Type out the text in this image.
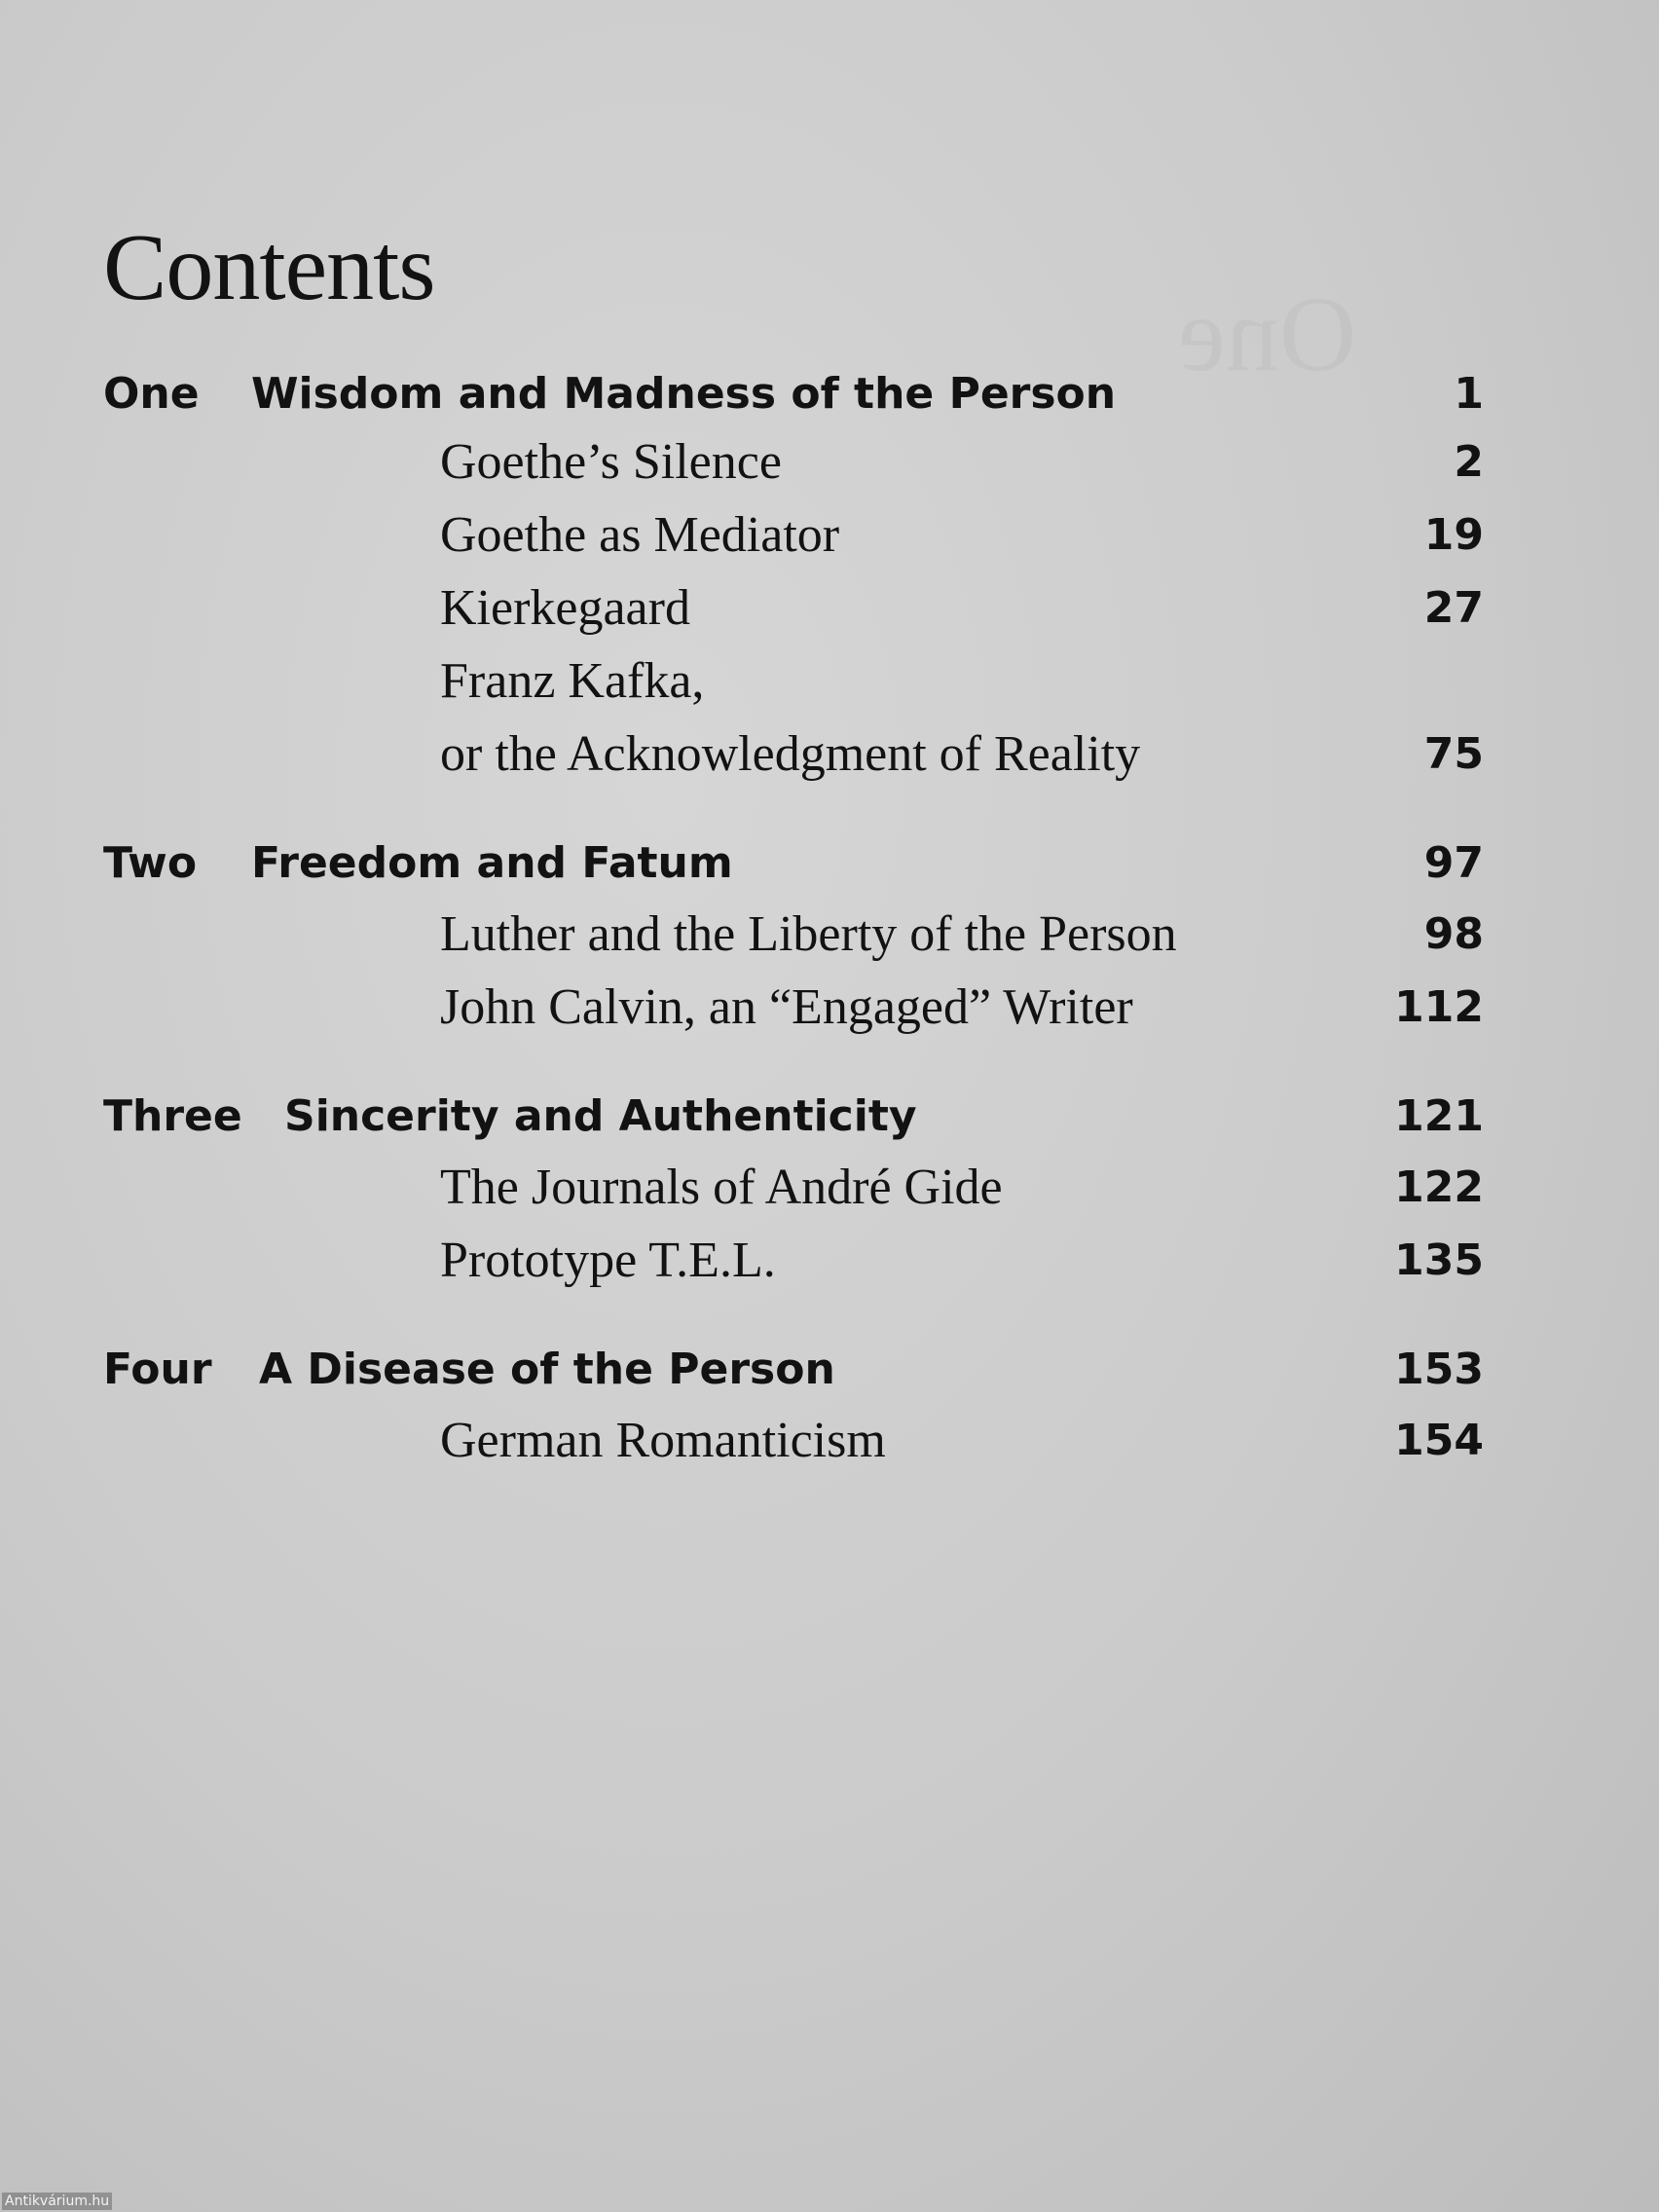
One
Contents
One Wisdom and Madness of the Person	1
Goethe’s Silence	2
Goethe as Mediator	19
Kierkegaard	27
Franz Kafka,
or the Acknowledgment of Reality	75
Two Freedom and Fatum	97
Luther and the Liberty of the Person	98
John Calvin, an “Engaged” Writer	112
Three Sincerity and Authenticity	121
The Journals of André Gide	122
Prototype T.E.L.	135
Four A Disease of the Person	153
German Romanticism	154
Antikvárium.hu
